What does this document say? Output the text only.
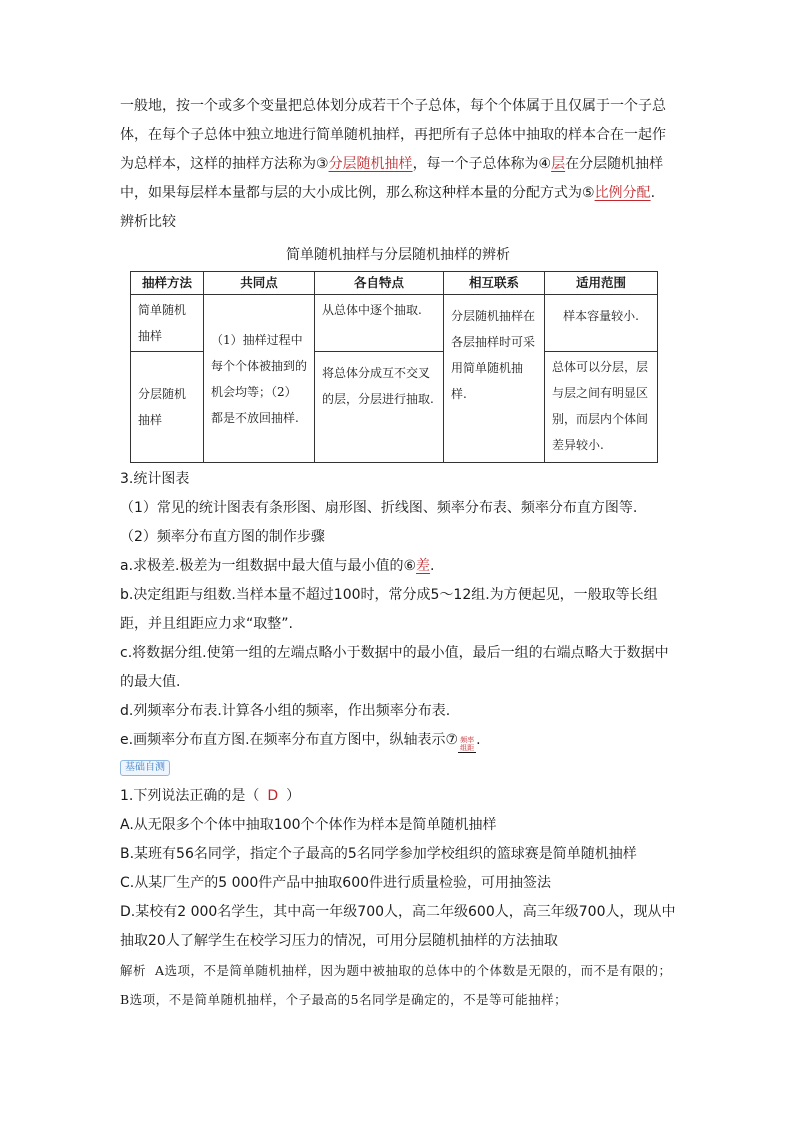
一般地，按一个或多个变量把总体划分成若干个子总体，每个个体属于且仅属于一个子总体，在每个子总体中独立地进行简单随机抽样，再把所有子总体中抽取的样本合在一起作为总样本，这样的抽样方法称为③分层随机抽样，每一个子总体称为④层在分层随机抽样中，如果每层样本量都与层的大小成比例，那么称这种样本量的分配方式为⑤比例分配.

辨析比较

简单随机抽样与分层随机抽样的辨析
抽样方法	共同点	各自特点	相互联系	适用范围

简单随机抽样	（1）抽样过程中每个个体被抽到的机会均等；（2）都是不放回抽样.	从总体中逐个抽取.	分层随机抽样在各层抽样时可采用简单随机抽样.	样本容量较小.

分层随机抽样		将总体分成互不交叉的层，分层进行抽取.		总体可以分层，层与层之间有明显区别，而层内个体间差异较小.

3.统计图表

（1）常见的统计图表有条形图、扇形图、折线图、频率分布表、频率分布直方图等.

（2）频率分布直方图的制作步骤

a.求极差.极差为一组数据中最大值与最小值的⑥差.

b.决定组距与组数.当样本量不超过100时，常分成5～12组.为方便起见，一般取等长组距，并且组距应力求“取整”.

c.将数据分组.使第一组的左端点略小于数据中的最小值，最后一组的右端点略大于数据中的最大值.

d.列频率分布表.计算各小组的频率，作出频率分布表.

e.画频率分布直方图.在频率分布直方图中，纵轴表示⑦ 频率
组距 .

基础自测

1.下列说法正确的是（ D ）

A.从无限多个个体中抽取100个个体作为样本是简单随机抽样

B.某班有56名同学，指定个子最高的5名同学参加学校组织的篮球赛是简单随机抽样

C.从某厂生产的5 000件产品中抽取600件进行质量检验，可用抽签法

D.某校有2 000名学生，其中高一年级700人，高二年级600人，高三年级700人，现从中抽取20人了解学生在校学习压力的情况，可用分层随机抽样的方法抽取

解析 A选项，不是简单随机抽样，因为题中被抽取的总体中的个体数是无限的，而不是有限的；B选项，不是简单随机抽样，个子最高的5名同学是确定的，不是等可能抽样；
